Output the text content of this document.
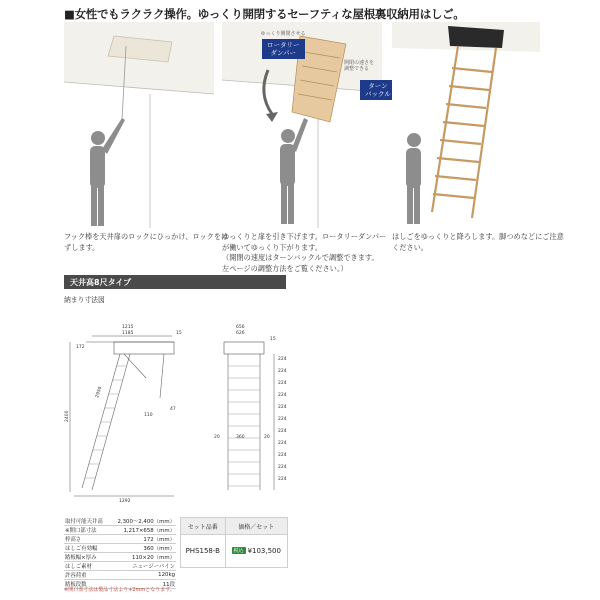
■女性でもラクラク操作。ゆっくり開閉するセーフティな屋根裏収納用はしご。
フック棒を天井扉のロックにひっかけ、ロックをは
ずします。
ゆっくり開閉させる
ロータリー
ダンパー
開閉の速さを
調整できる
ターン
バックル
ゆっくりと扉を引き下げます。ロータリーダンパー
が働いてゆっくり下がります。
（開閉の速度はターンバックルで調整できます。
左ページの調整方法をご覧ください。）
はしごをゆっくりと降ろします。脚つめなどにご注意
ください。
天井高8尺タイプ
納まり寸法図
1215
1185	15
2400
172
2950
110
47
1292
656
626
15
20	360	20
224
224
224
224
224
224
224
224
224
224
224
取付可能天井高	2,300〜2,400（mm）
※開口部寸法	1,217×658（mm）
枠高さ	172（mm）
はしご有効幅	360（mm）
踏板幅×厚み	110×20（mm）
はしご素材	ニュージーパイン
許容荷重	120kg
踏板段数	11段
セット品番	価格／セット
PHS158-B	税込 ¥103,500
※開口部寸法は製品寸法より+2mmとなります。
